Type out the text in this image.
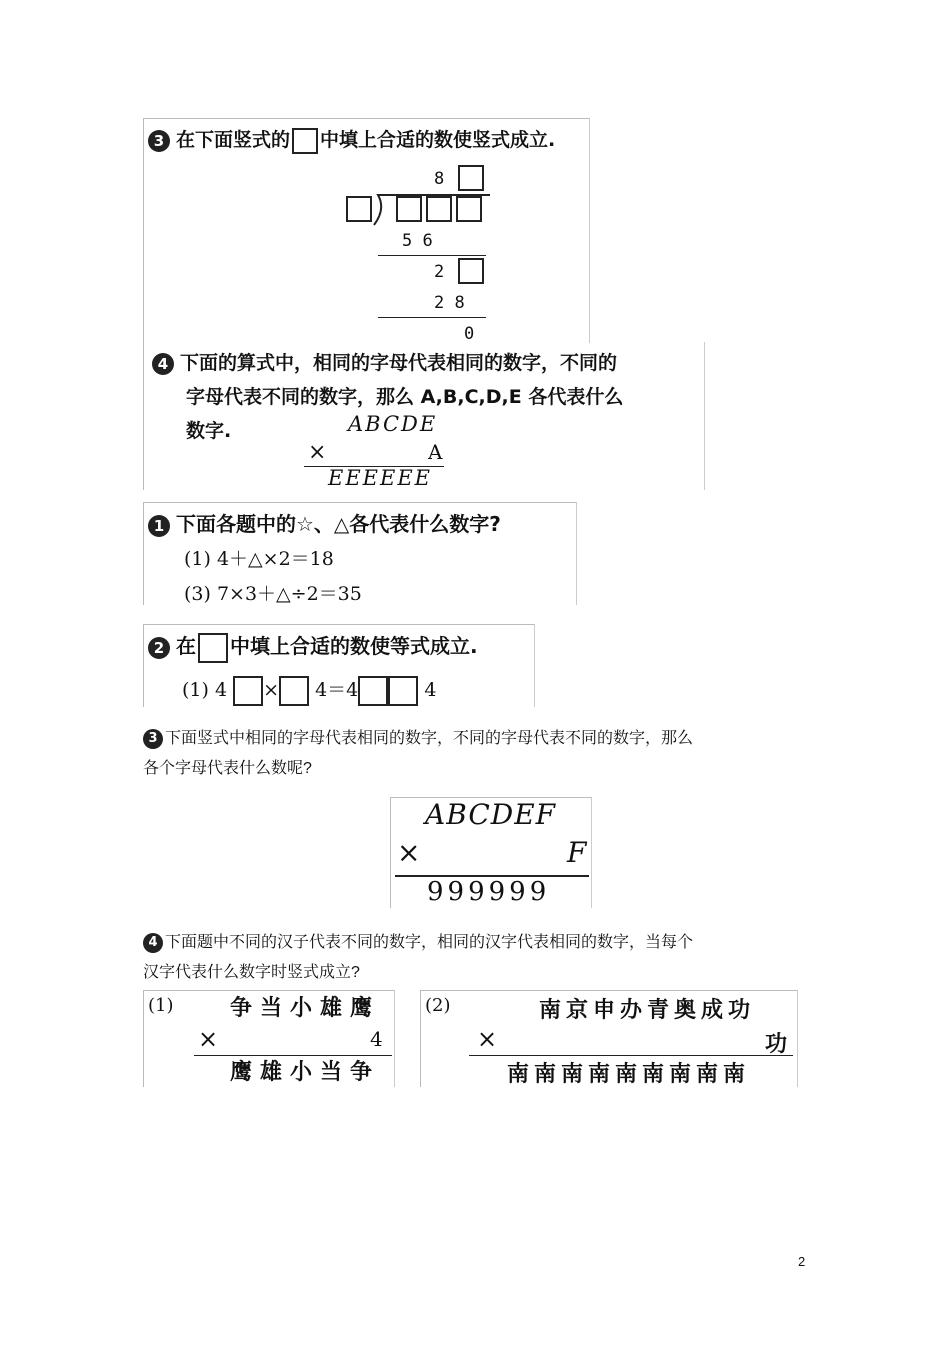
3 在下面竖式的 中填上合适的数使竖式成立.
8
5 6
2
2 8
0
4 下面的算式中，相同的字母代表相同的数字，不同的
字母代表不同的数字，那么 A,B,C,D,E 各代表什么
数字.	ABCDE
×	A
EEEEEE
1 下面各题中的☆、△各代表什么数字?
(1) 4＋△×2＝18
(3) 7×3＋△÷2＝35
2 在 中填上合适的数使等式成立.
(1) 4 × 4＝4	4
3 下面竖式中相同的字母代表相同的数字，不同的字母代表不同的数字，那么
各个字母代表什么数呢?
ABCDEF
×	F
999999
4 下面题中不同的汉子代表不同的数字，相同的汉字代表相同的数字，当每个
汉字代表什么数字时竖式成立?
(1)	争当小雄鹰
×	4
鹰雄小当争
(2)	南京申办青奥成功
×	功
南南南南南南南南南
2
